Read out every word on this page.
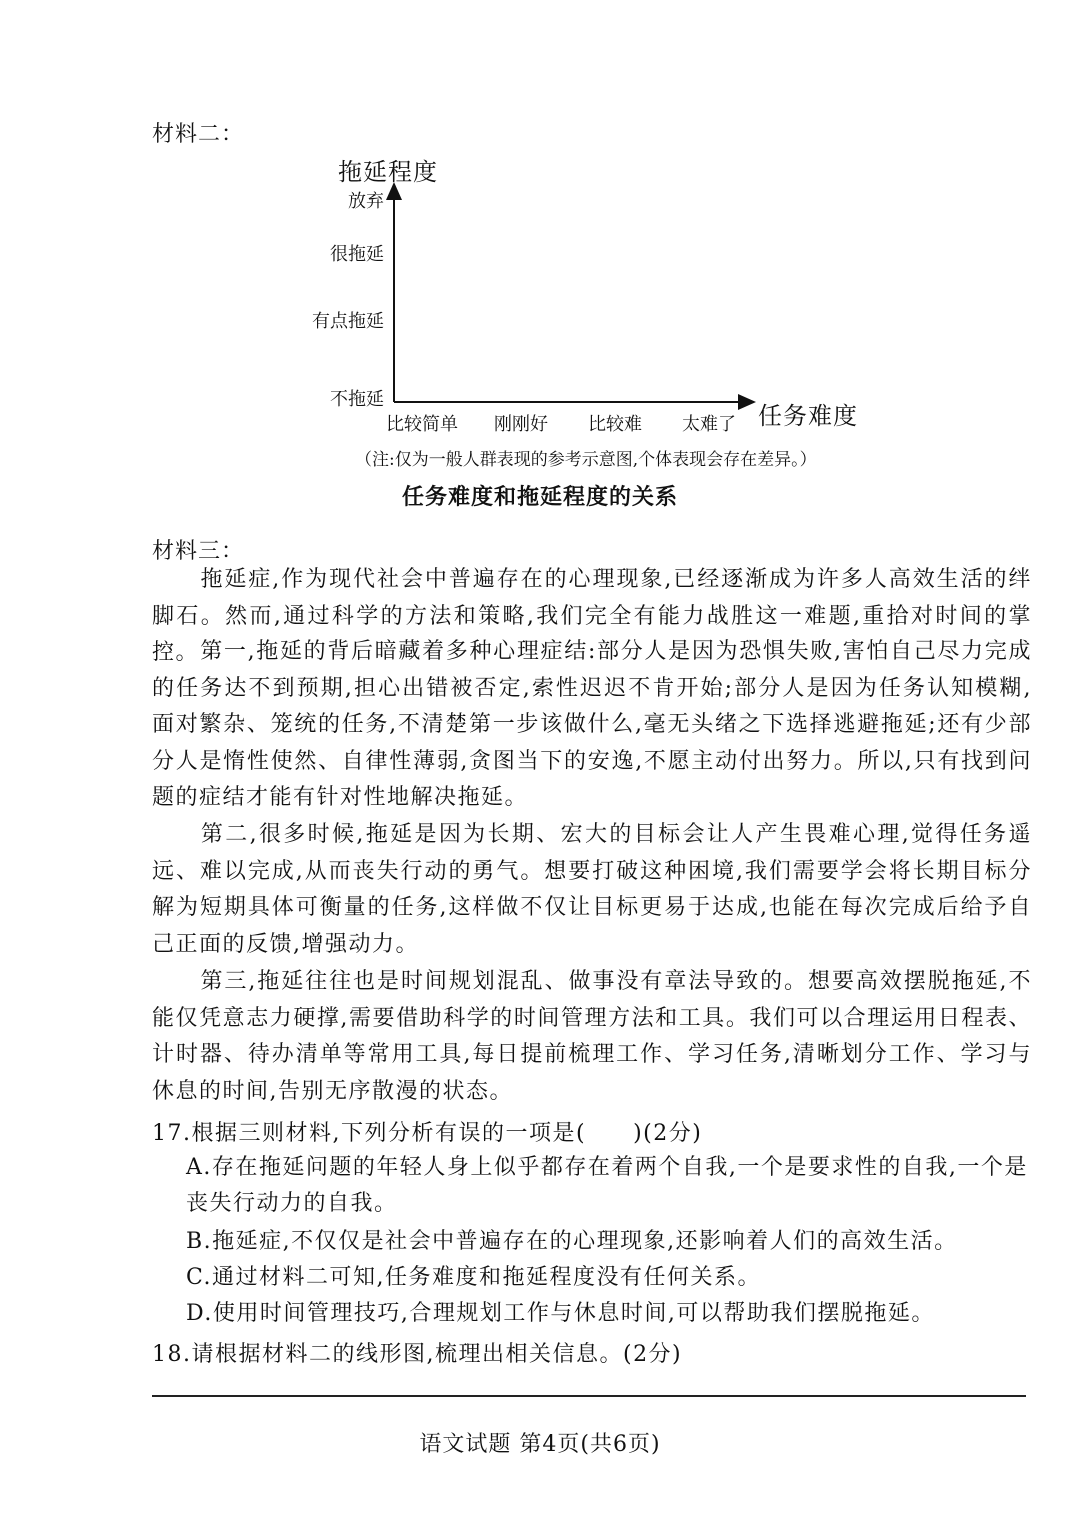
材料二：
拖延程度
放弃
很拖延
有点拖延
不拖延
比较简单 刚刚好 比较难 太难了 任务难度
（注:仅为一般人群表现的参考示意图,个体表现会存在差异。）
任务难度和拖延程度的关系
材料三：
拖延症,作为现代社会中普遍存在的心理现象,已经逐渐成为许多人高效生活的绊脚石。然而,通过科学的方法和策略,我们完全有能力战胜这一难题,重拾对时间的掌控。 第一,拖延的背后暗藏着多种心理症结:部分人是因为恐惧失败,害怕自己尽力完成的任务达不到预期,担心出错被否定,索性迟迟不肯开始;部分人是因为任务认知模糊,面对繁杂、笼统的任务,不清楚第一步该做什么,毫无头绪之下选择逃避拖延;还有少部分人是惰性使然、自律性薄弱,贪图当下的安逸,不愿主动付出努力。所以,只有找到问题的症结才能有针对性地解决拖延。
第二,很多时候,拖延是因为长期、宏大的目标会让人产生畏难心理,觉得任务遥远、难以完成,从而丧失行动的勇气。想要打破这种困境,我们需要学会将长期目标分解为短期具体可衡量的任务,这样做不仅让目标更易于达成,也能在每次完成后给予自己正面的反馈,增强动力。
第三,拖延往往也是时间规划混乱、做事没有章法导致的。想要高效摆脱拖延,不能仅凭意志力硬撑,需要借助科学的时间管理方法和工具。我们可以合理运用日程表、计时器、待办清单等常用工具,每日提前梳理工作、学习任务,清晰划分工作、学习与休息的时间,告别无序散漫的状态。
17.根据三则材料,下列分析有误的一项是(　　)(2分)
A.存在拖延问题的年轻人身上似乎都存在着两个自我,一个是要求性的自我,一个是丧失行动力的自我。
B.拖延症,不仅仅是社会中普遍存在的心理现象,还影响着人们的高效生活。
C.通过材料二可知,任务难度和拖延程度没有任何关系。
D.使用时间管理技巧,合理规划工作与休息时间,可以帮助我们摆脱拖延。
18.请根据材料二的线形图,梳理出相关信息。(2分)
语文试题 第4页(共6页)
